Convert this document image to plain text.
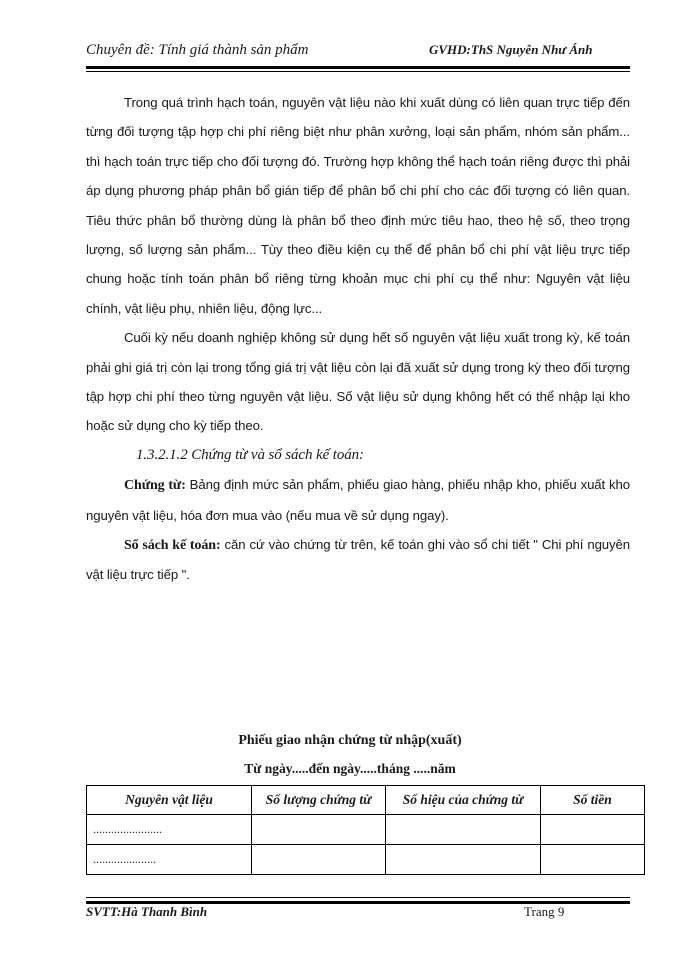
Chuyên đề: Tính giá thành sản phẩm	GVHD:ThS Nguyễn Như Ánh

Trong quá trình hạch toán, nguyên vật liệu nào khi xuất dùng có liên quan trực tiếp đến từng đối tượng tập hợp chi phí riêng biệt như phân xưởng, loại sản phẩm, nhóm sản phẩm... thì hạch toán trực tiếp cho đối tượng đó. Trường hợp không thể hạch toán riêng được thì phải áp dụng phương pháp phân bổ gián tiếp để phân bổ chi phí cho các đối tượng có liên quan. Tiêu thức phân bổ thường dùng là phân bổ theo định mức tiêu hao, theo hệ số, theo trọng lượng, số lượng sản phẩm... Tùy theo điều kiện cụ thể để phân bổ chi phí vật liệu trực tiếp chung hoặc tính toán phân bổ riêng từng khoản mục chi phí cụ thể như: Nguyên vật liệu chính, vật liệu phụ, nhiên liệu, động lực...

Cuối kỳ nếu doanh nghiệp không sử dụng hết số nguyên vật liệu xuất trong kỳ, kế toán phải ghi giá trị còn lại trong tổng giá trị vật liệu còn lại đã xuất sử dụng trong kỳ theo đối tượng tập hợp chi phí theo từng nguyên vật liệu. Số vật liệu sử dụng không hết có thể nhập lại kho hoặc sử dụng cho kỳ tiếp theo.

1.3.2.1.2 Chứng từ và sổ sách kế toán:

Chứng từ: Bảng định mức sản phẩm, phiếu giao hàng, phiếu nhập kho, phiếu xuất kho nguyên vật liệu, hóa đơn mua vào (nếu mua về sử dụng ngay).

Sổ sách kế toán: căn cứ vào chứng từ trên, kế toán ghi vào sổ chi tiết " Chi phí nguyên vật liệu trực tiếp ".

Phiếu giao nhận chứng từ nhập(xuất)
Từ ngày.....đến ngày.....tháng .....năm
Nguyên vật liệu	Số lượng chứng từ	Số hiệu của chứng từ	Số tiền
.......................			
.....................			
SVTT:Hà Thanh Bình	Trang 9
